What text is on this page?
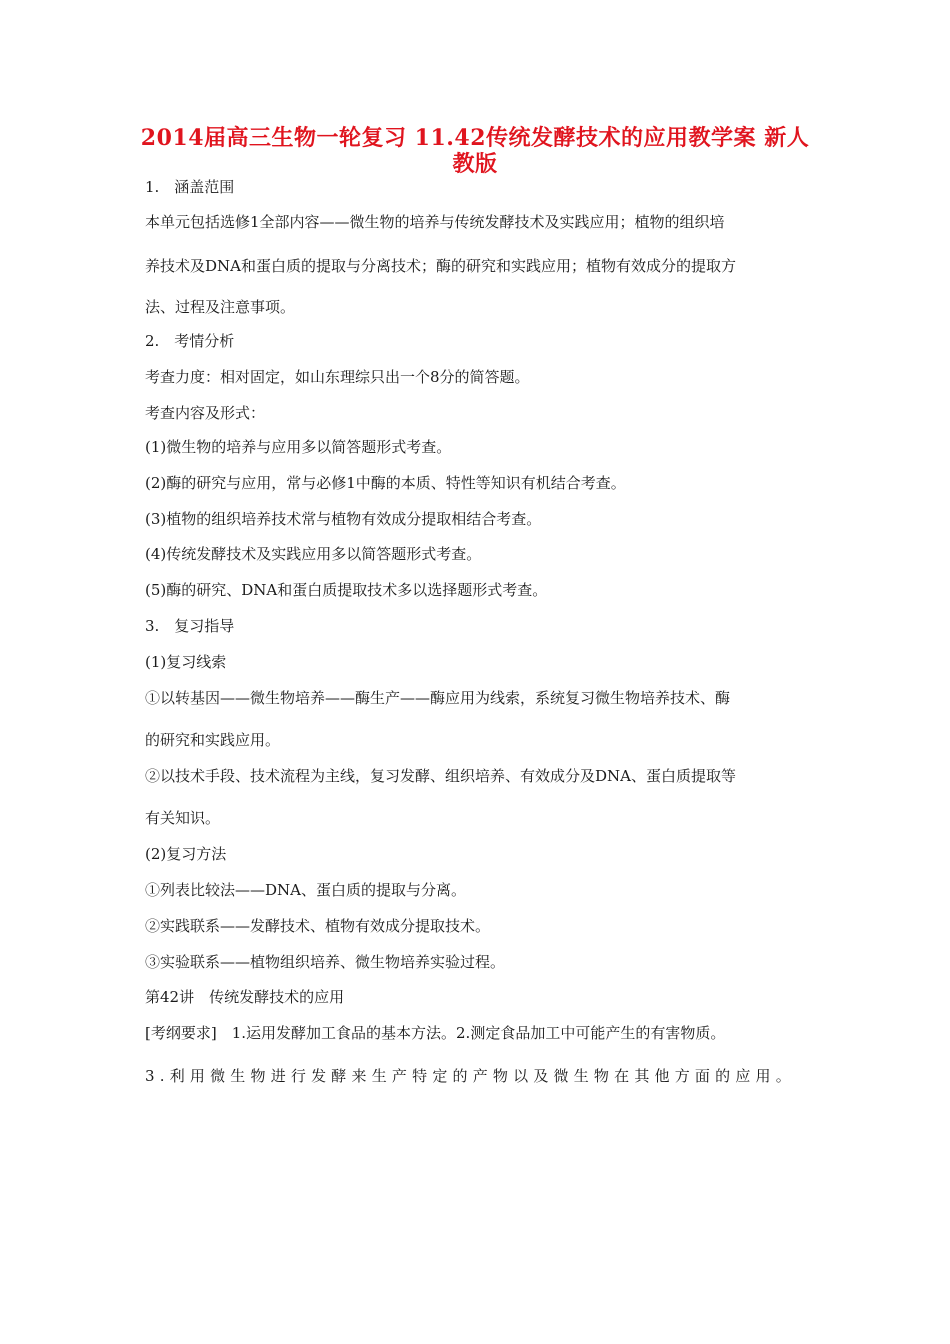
2014届高三生物一轮复习 11.42传统发酵技术的应用教学案 新人
教版
1.　涵盖范围
本单元包括选修1全部内容——微生物的培养与传统发酵技术及实践应用；植物的组织培
养技术及DNA和蛋白质的提取与分离技术；酶的研究和实践应用；植物有效成分的提取方
法、过程及注意事项。
2.　考情分析
考查力度：相对固定，如山东理综只出一个8分的简答题。
考查内容及形式：
(1)微生物的培养与应用多以简答题形式考查。
(2)酶的研究与应用，常与必修1中酶的本质、特性等知识有机结合考查。
(3)植物的组织培养技术常与植物有效成分提取相结合考查。
(4)传统发酵技术及实践应用多以简答题形式考查。
(5)酶的研究、DNA和蛋白质提取技术多以选择题形式考查。
3.　复习指导
(1)复习线索
①以转基因——微生物培养——酶生产——酶应用为线索，系统复习微生物培养技术、酶
的研究和实践应用。
②以技术手段、技术流程为主线，复习发酵、组织培养、有效成分及DNA、蛋白质提取等
有关知识。
(2)复习方法
①列表比较法——DNA、蛋白质的提取与分离。
②实践联系——发酵技术、植物有效成分提取技术。
③实验联系——植物组织培养、微生物培养实验过程。
第42讲　传统发酵技术的应用
[考纲要求]　1.运用发酵加工食品的基本方法。2.测定食品加工中可能产生的有害物质。
3.利用微生物进行发酵来生产特定的产物以及微生物在其他方面的应用。
